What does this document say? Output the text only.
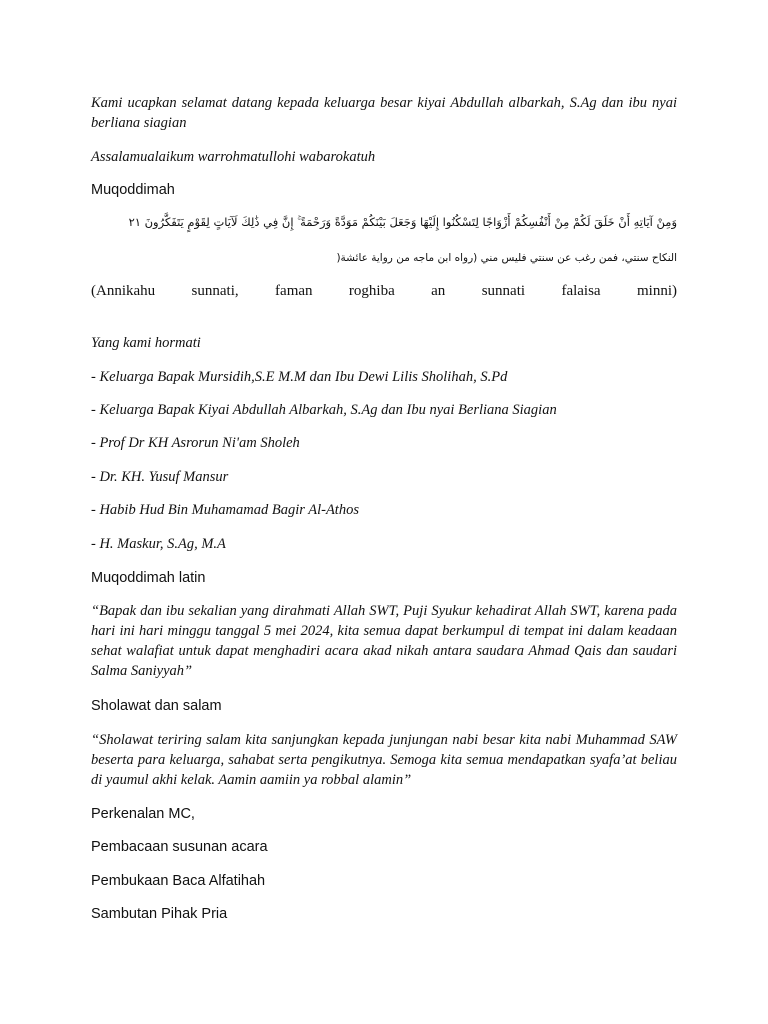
Kami ucapkan selamat datang kepada keluarga besar kiyai Abdullah albarkah, S.Ag dan ibu nyai berliana siagian

Assalamualaikum warrohmatullohi wabarokatuh

Muqoddimah

وَمِنْ آيَاتِهِ أَنْ خَلَقَ لَكُمْ مِنْ أَنْفُسِكُمْ أَزْوَاجًا لِتَسْكُنُوا إِلَيْهَا وَجَعَلَ بَيْنَكُمْ مَوَدَّةً وَرَحْمَةً ۚ إِنَّ فِي ذَٰلِكَ لَآيَاتٍ لِقَوْمٍ يَتَفَكَّرُونَ ٢١

النكاح سنتي، فمن رغب عن سنتي فليس مني (رواه ابن ماجه من رواية عائشة(

(Annikahu sunnati, faman roghiba an sunnati falaisa minni)

Yang kami hormati

- Keluarga Bapak Mursidih,S.E M.M dan Ibu Dewi Lilis Sholihah, S.Pd

- Keluarga Bapak Kiyai Abdullah Albarkah, S.Ag dan Ibu nyai Berliana Siagian

- Prof Dr KH Asrorun Ni'am Sholeh

- Dr. KH. Yusuf Mansur

- Habib Hud Bin Muhamamad Bagir Al-Athos

- H. Maskur, S.Ag, M.A

Muqoddimah latin

“Bapak dan ibu sekalian yang dirahmati Allah SWT, Puji Syukur kehadirat Allah SWT, karena pada hari ini hari minggu tanggal 5 mei 2024, kita semua dapat berkumpul di tempat ini dalam keadaan sehat walafiat untuk dapat menghadiri acara akad nikah antara saudara Ahmad Qais dan saudari Salma Saniyyah”

Sholawat dan salam

“Sholawat teriring salam kita sanjungkan kepada junjungan nabi besar kita nabi Muhammad SAW beserta para keluarga, sahabat serta pengikutnya. Semoga kita semua mendapatkan syafa’at beliau di yaumul akhi kelak. Aamin aamiin ya robbal alamin”

Perkenalan MC,

Pembacaan susunan acara

Pembukaan Baca Alfatihah

Sambutan Pihak Pria
